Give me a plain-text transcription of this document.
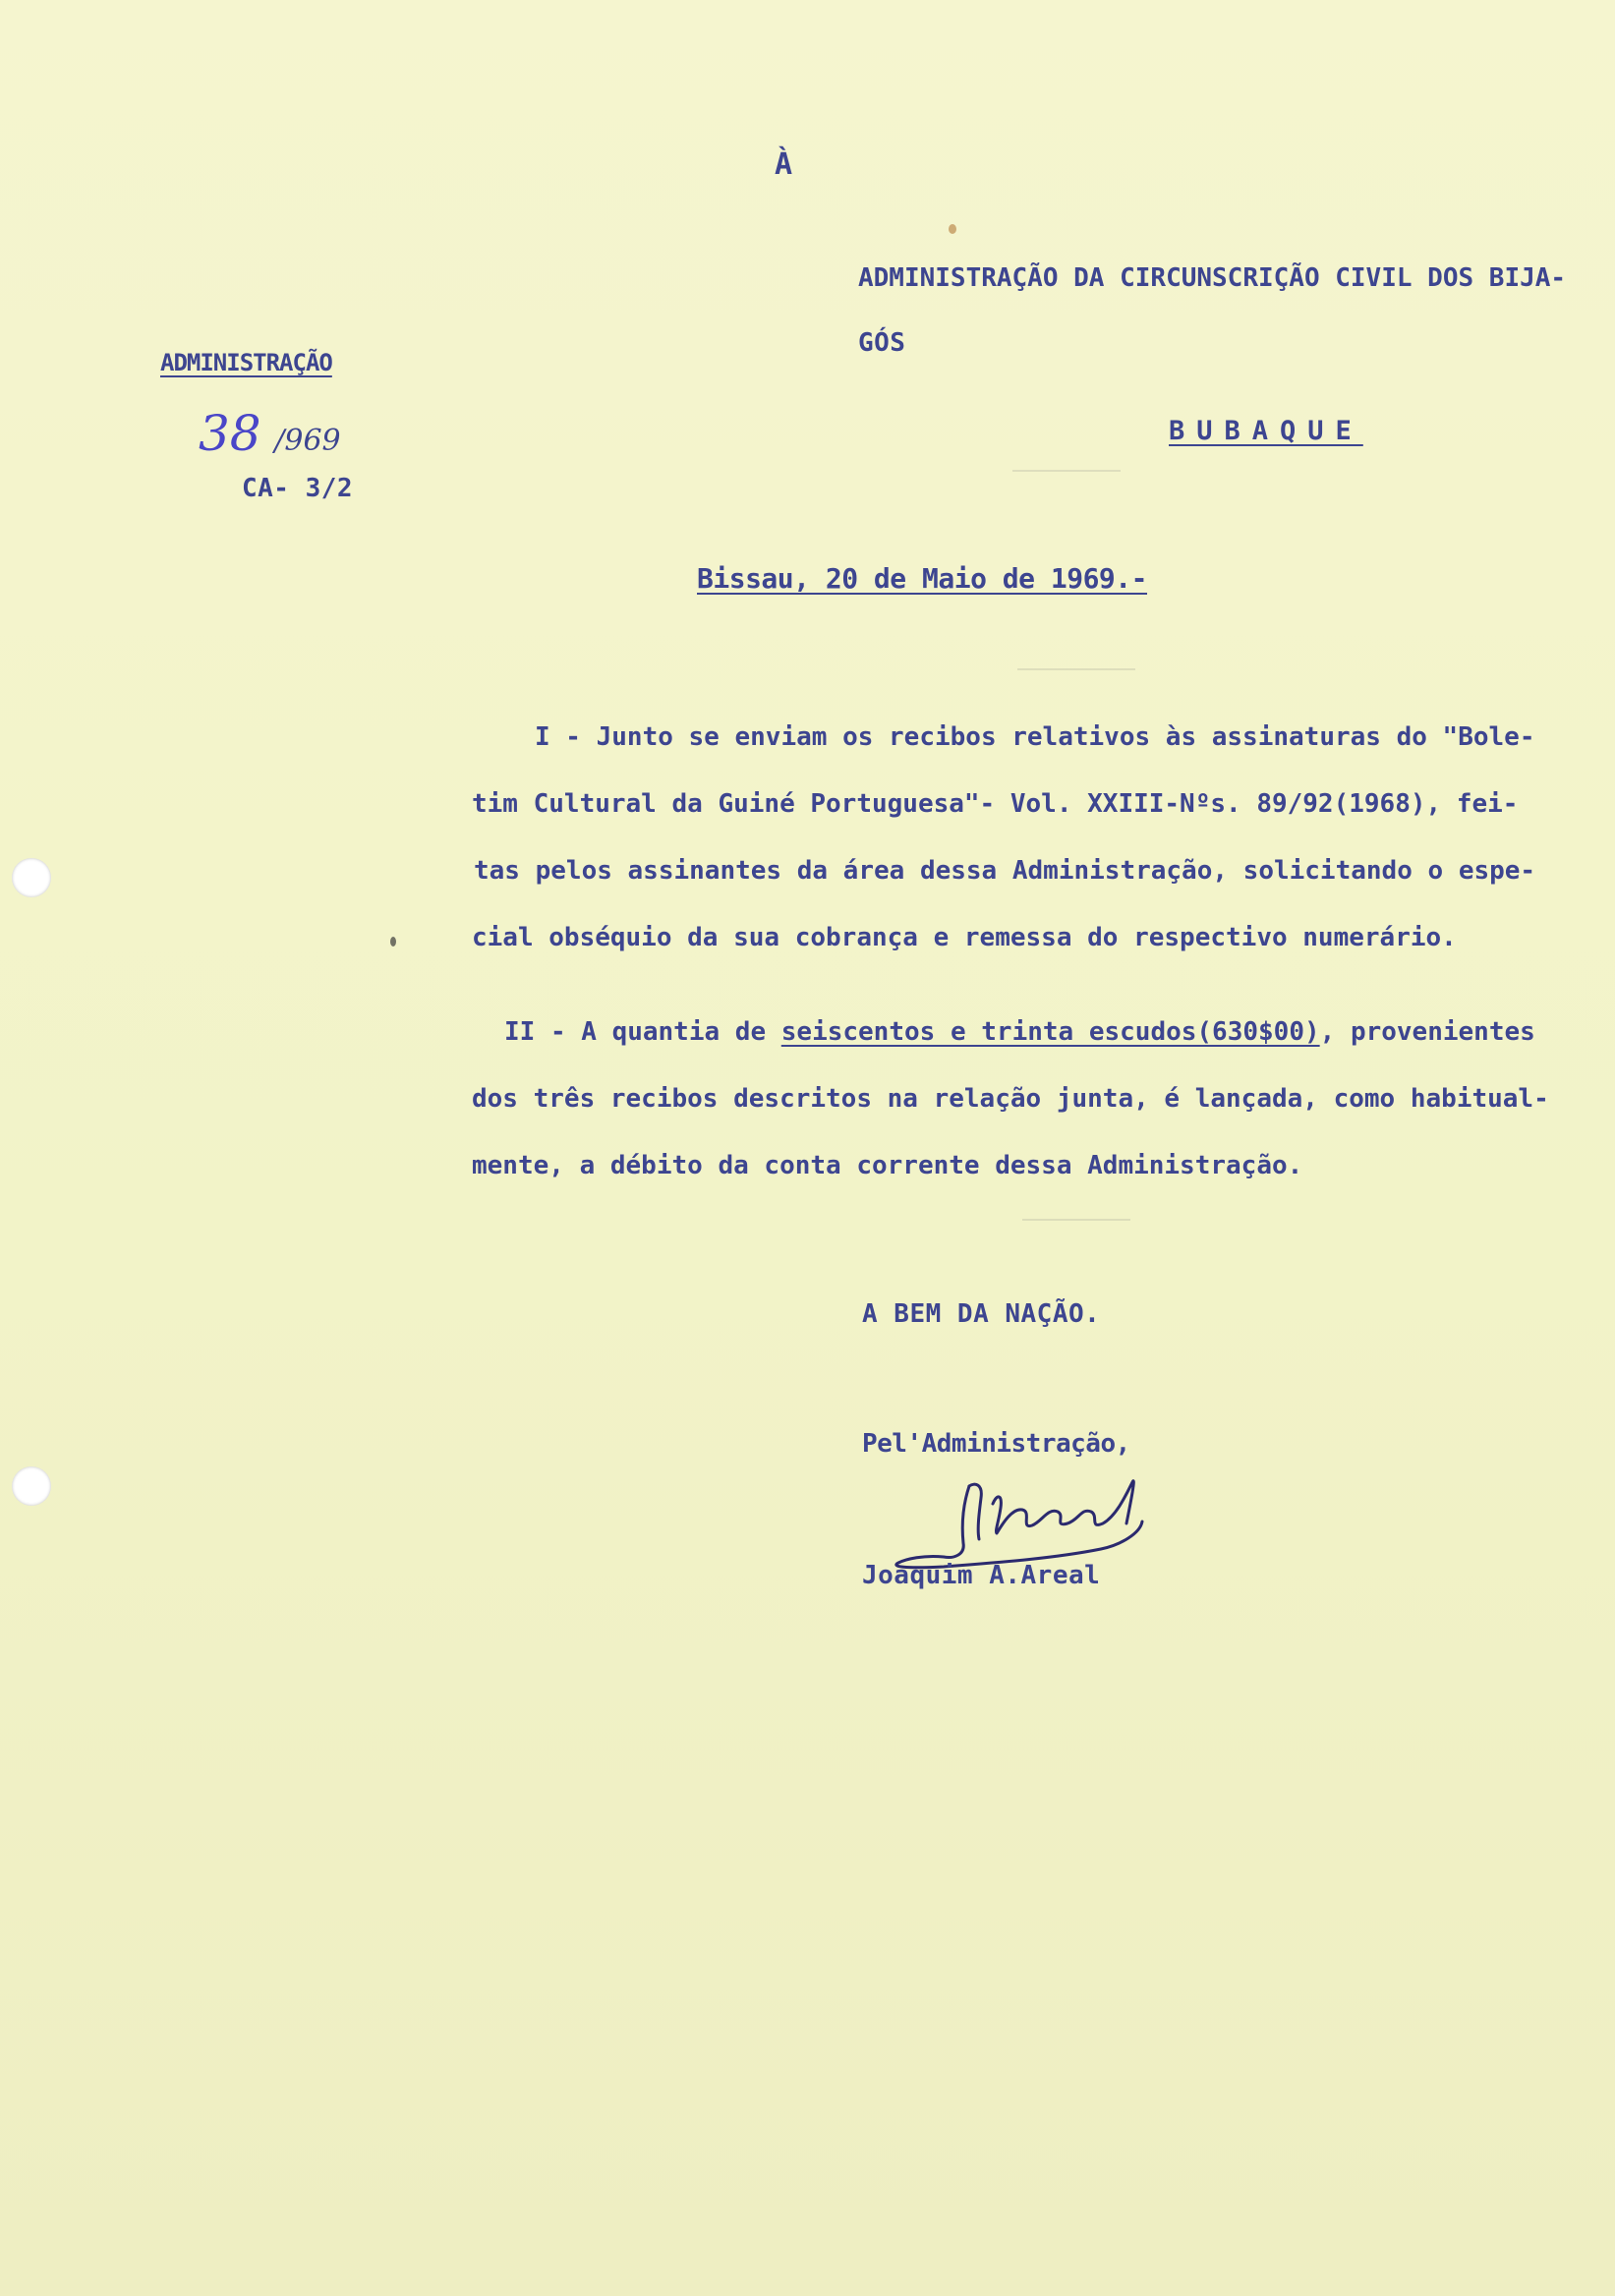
À

ADMINISTRAÇÃO DA CIRCUNSCRIÇÃO CIVIL DOS BIJA-

GÓS

BUBAQUE

ADMINISTRAÇÃO

38 /969

CA- 3/2

Bissau, 20 de Maio de 1969.-

I - Junto se enviam os recibos relativos às assinaturas do "Bole-
tim Cultural da Guiné Portuguesa"- Vol. XXIII-Nºs. 89/92(1968), fei-
tas pelos assinantes da área dessa Administração, solicitando o espe-
cial obséquio da sua cobrança e remessa do respectivo numerário.
II - A quantia de seiscentos e trinta escudos(630$00), provenientes
dos três recibos descritos na relação junta, é lançada, como habitual-
mente, a débito da conta corrente dessa Administração.

A BEM DA NAÇÃO.

Pel'Administração,

Joaquim A.Areal
